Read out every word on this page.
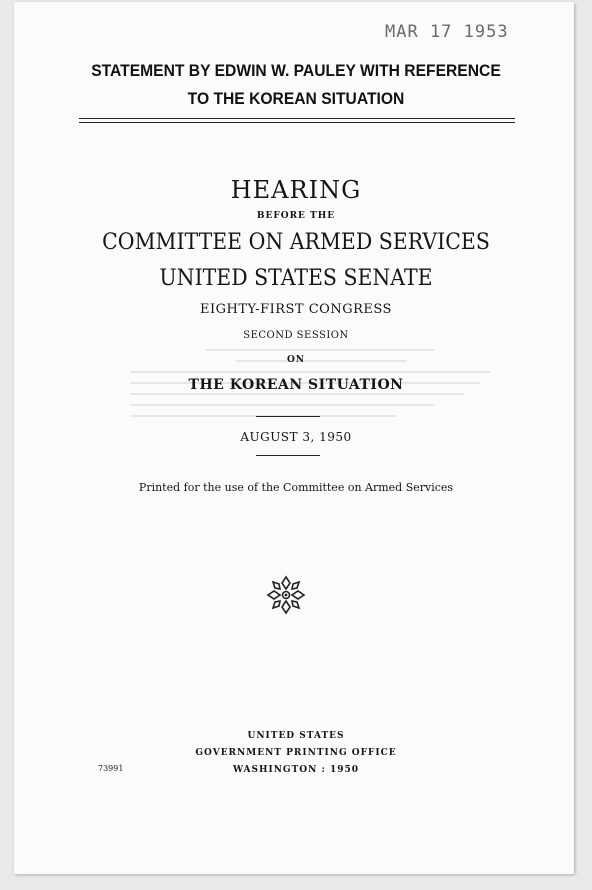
MAR 17 1953
STATEMENT BY EDWIN W. PAULEY WITH REFERENCE
TO THE KOREAN SITUATION
HEARING
BEFORE THE
COMMITTEE ON ARMED SERVICES
UNITED STATES SENATE
EIGHTY-FIRST CONGRESS
SECOND SESSION
ON
THE KOREAN SITUATION
AUGUST 3, 1950
Printed for the use of the Committee on Armed Services
UNITED STATES
GOVERNMENT PRINTING OFFICE
WASHINGTON : 1950
73991
